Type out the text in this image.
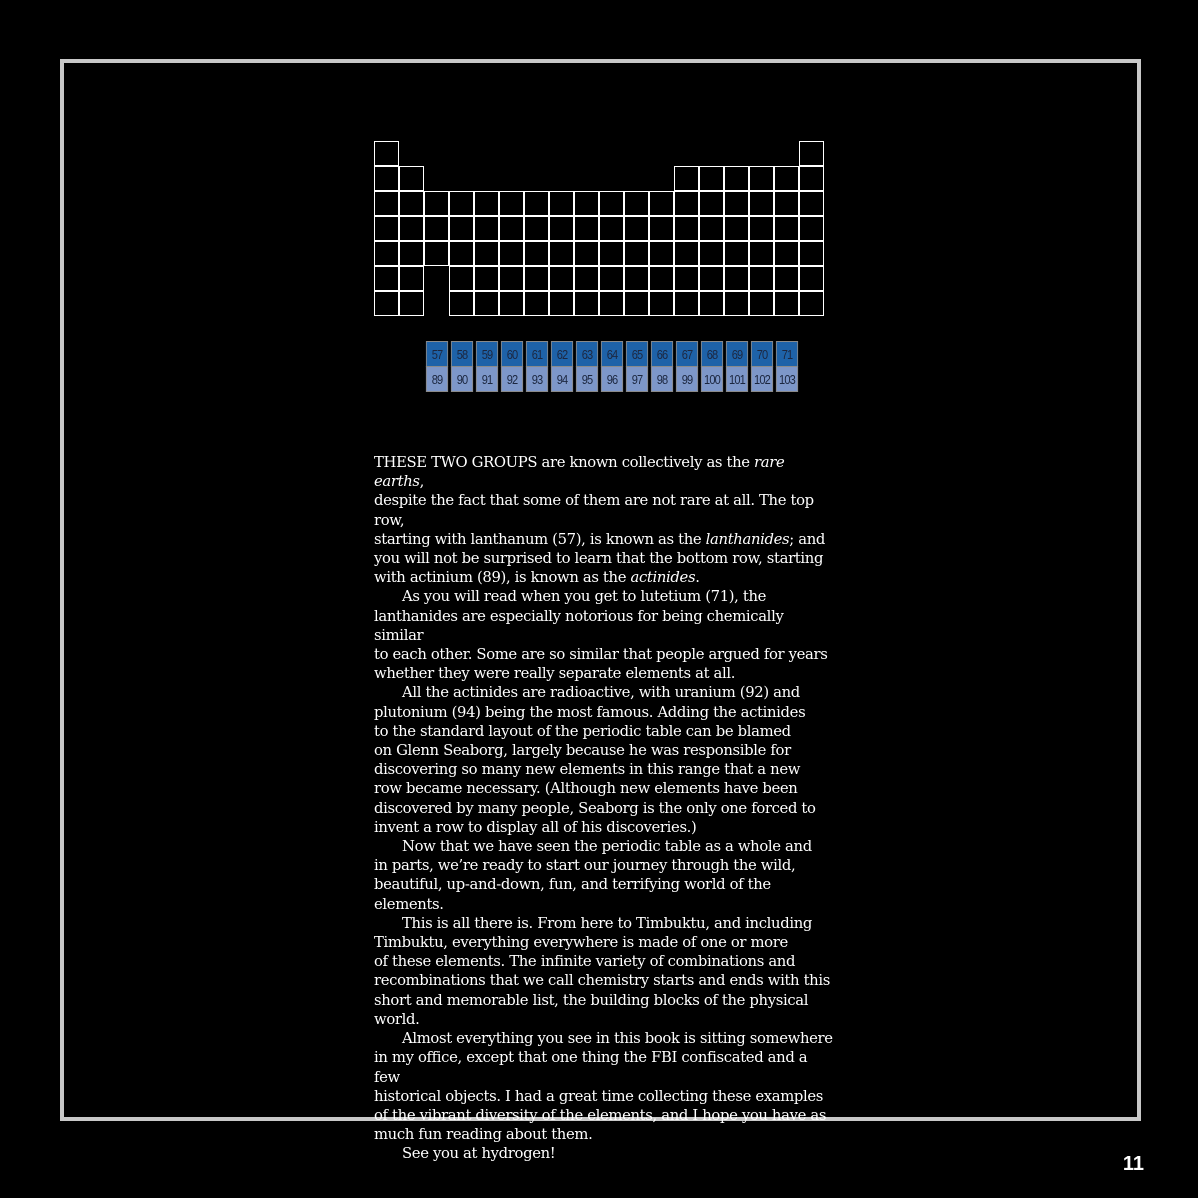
57	58	59	60	61	62	63	64	65	66	67	68	69	70	71
89	90	91	92	93	94	95	96	97	98	99 100 101 102 103
THESE TWO GROUPS are known collectively as the rare earths,
despite the fact that some of them are not rare at all. The top row,
starting with lanthanum (57), is known as the lanthanides; and
you will not be surprised to learn that the bottom row, starting
with actinium (89), is known as the actinides.
As you will read when you get to lutetium (71), the
lanthanides are especially notorious for being chemically similar
to each other. Some are so similar that people argued for years
whether they were really separate elements at all.
All the actinides are radioactive, with uranium (92) and
plutonium (94) being the most famous. Adding the actinides
to the standard layout of the periodic table can be blamed
on Glenn Seaborg, largely because he was responsible for
discovering so many new elements in this range that a new
row became necessary. (Although new elements have been
discovered by many people, Seaborg is the only one forced to
invent a row to display all of his discoveries.)
Now that we have seen the periodic table as a whole and
in parts, we’re ready to start our journey through the wild,
beautiful, up-and-down, fun, and terrifying world of the
elements.
This is all there is. From here to Timbuktu, and including
Timbuktu, everything everywhere is made of one or more
of these elements. The infinite variety of combinations and
recombinations that we call chemistry starts and ends with this
short and memorable list, the building blocks of the physical
world.
Almost everything you see in this book is sitting somewhere
in my office, except that one thing the FBI confiscated and a few
historical objects. I had a great time collecting these examples
of the vibrant diversity of the elements, and I hope you have as
much fun reading about them.
See you at hydrogen!	11
